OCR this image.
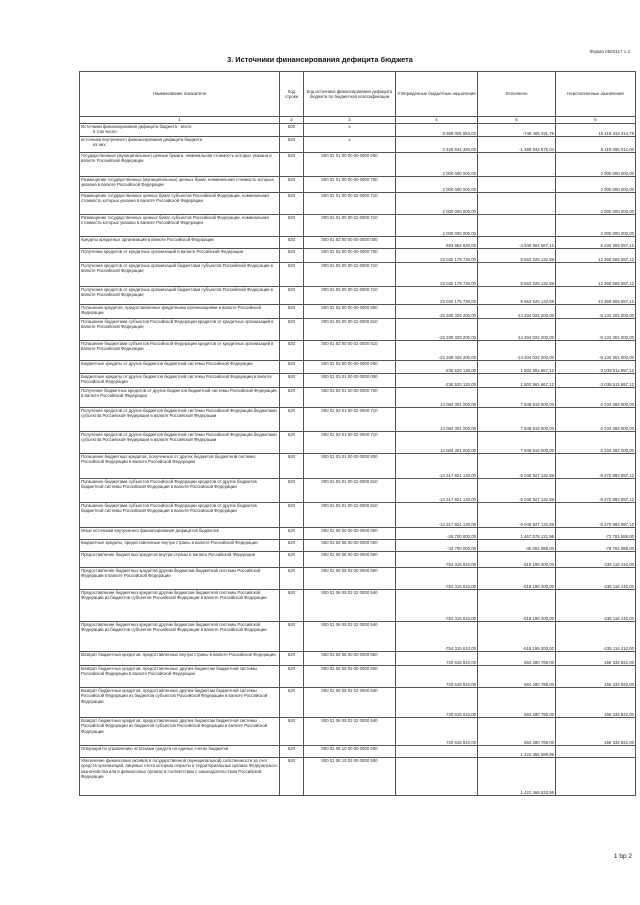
Форма 0503117 с.3
3. Источники финансирования дефицита бюджета
Наименование показателя	Код строки	Код источника финансирования дефицита бюджета по бюджетной классификации	Утвержденные бюджетные назначения	Исполнено	Неисполненные назначения
1	2	3	4	5	6
Источники финансирования дефицита бюджета - всего
в том числе:	500	x	9 369 005 853,02	-749 406 431,76	10 118 412 414,78
источники внутреннего финансирования дефицита бюджета
из них:	520	x	2 429 634 480,00	-1 389 934 075,04	5 119 065 012,00
Государственные (муниципальные) ценные бумаги, номинальная стоимость которых указана в валюте Российской Федерации	520	000 01 01 00 00 00 0000 000	2 000 000 000,00	-	2 000 000 000,00
Размещение государственных (муниципальных) ценных бумаг, номинальная стоимость которых указана в валюте Российской Федерации	520	000 01 01 00 00 00 0000 700	2 000 000 000,00	-	2 000 000 000,00
Размещение государственных ценных бумаг субъектов Российской Федерации, номинальная стоимость которых указана в валюте Российской Федерации	520	000 01 01 00 00 02 0000 710	2 000 000 000,00	-	2 000 000 000,00
Размещение государственных ценных бумаг субъектов Российской Федерации, номинальная стоимость которых указана в валюте Российской Федерации	520	000 01 01 00 00 02 0000 710	2 000 000 000,00	-	2 000 000 000,00
Кредиты кредитных организаций в валюте Российской Федерации	520	000 01 02 00 00 00 0000 000	693 854 530,00	-4 540 804 667,12	5 234 359 097,12
Получение кредитов от кредитных организаций в валюте Российской Федерации	520	000 01 02 00 00 00 0000 700	23 032 179 730,00	9 663 520 132,88	13 368 659 597,12
Получение кредитов от кредитных организаций бюджетами субъектов Российской Федерации в валюте Российской Федерации	520	000 01 02 00 00 02 0000 710	23 032 179 730,00	9 663 520 132,88	13 368 659 597,12
Получение кредитов от кредитных организаций бюджетами субъектов Российской Федерации в валюте Российской Федерации	520	000 01 02 00 00 02 0000 710	23 032 179 730,00	9 663 520 132,88	13 368 659 597,12
Погашение кредитов, предоставленных кредитными организациями в валюте Российской Федерации	520	000 01 02 00 00 00 0000 800	-22 338 325 200,00	-14 204 024 200,00	-8 134 301 000,00
Погашение бюджетами субъектов Российской Федерации кредитов от кредитных организаций в валюте Российской Федерации	520	000 01 02 00 00 02 0000 810	-22 338 325 200,00	-14 204 024 200,00	-8 134 301 000,00
Погашение бюджетами субъектов Российской Федерации кредитов от кредитных организаций в валюте Российской Федерации	520	000 01 02 00 00 02 0000 810	-22 338 325 200,00	-14 204 024 200,00	-8 134 301 000,00
Бюджетные кредиты от других бюджетов бюджетной системы Российской Федерации	520	000 01 03 00 00 00 0000 000	-235 520 130,00	1 802 991 867,12	-2 038 511 997,12
Бюджетные кредиты от других бюджетов бюджетной системы Российской Федерации в валюте Российской Федерации	520	000 01 03 01 00 00 0000 000	-235 520 130,00	1 802 991 867,12	-2 038 511 997,12
Получение бюджетных кредитов от других бюджетов бюджетной системы Российской Федерации в валюте Российской Федерации	520	000 01 03 01 00 00 0000 700	14 084 301 000,00	7 849 919 000,00	6 234 382 000,00
Получение кредитов от других бюджетов бюджетной системы Российской Федерации бюджетами субъектов Российской Федерации в валюте Российской Федерации	520	000 01 03 01 00 02 0000 710	14 084 301 000,00	7 849 919 000,00	6 234 382 000,00
Получение кредитов от других бюджетов бюджетной системы Российской Федерации бюджетами субъектов Российской Федерации в валюте Российской Федерации	520	000 01 03 01 00 02 0000 710	14 084 301 000,00	7 849 919 000,00	6 234 382 000,00
Погашение бюджетных кредитов, полученных от других бюджетов бюджетной системы Российской Федерации в валюте Российской Федерации	520	000 01 03 01 00 00 0000 800	-14 317 821 130,00	-6 046 927 132,88	-8 270 893 997,12
Погашение бюджетами субъектов Российской Федерации кредитов от других бюджетов бюджетной системы Российской Федерации в валюте Российской Федерации	520	000 01 03 01 00 02 0000 810	-14 317 821 130,00	-6 046 927 132,88	-8 270 893 997,12
Погашение бюджетами субъектов Российской Федерации кредитов от других бюджетов бюджетной системы Российской Федерации в валюте Российской Федерации	520	000 01 03 01 00 02 0000 810	-14 317 821 130,00	-6 046 927 132,88	-8 270 893 997,12
Иные источники внутреннего финансирования дефицитов бюджетов	520	000 01 06 00 00 00 0000 000	-28 700 000,00	1 467 578 121,96	-72 781 588,00
Бюджетные кредиты, предоставленные внутри страны в валюте Российской Федерации	520	000 01 06 05 00 00 0000 000	-33 700 000,00	-45 061 588,00	-78 761 588,00
Предоставление бюджетных кредитов внутри страны в валюте Российской Федерации	520	000 01 06 05 00 00 0000 500	-754 315 610,00	-519 199 200,00	-235 116 410,00
Предоставление бюджетных кредитов другим бюджетам бюджетной системы Российской Федерации в валюте Российской Федерации	520	000 01 06 05 02 00 0000 500	-754 315 610,00	-519 199 200,00	-235 116 410,00
Предоставление бюджетных кредитов другим бюджетам бюджетной системы Российской Федерации из бюджетов субъектов Российской Федерации в валюте Российской Федерации	520	000 01 06 05 02 02 0000 540	-754 315 610,00	-519 199 200,00	-235 116 410,00
Предоставление бюджетных кредитов другим бюджетам бюджетной системы Российской Федерации из бюджетов субъектов Российской Федерации в валюте Российской Федерации	520	000 01 06 05 02 02 0000 540	-754 315 610,00	-519 199 200,00	-235 116 410,00
Возврат бюджетных кредитов, предоставленных внутри страны в валюте Российской Федерации	520	000 01 06 05 00 00 0000 600	720 615 610,00	564 280 788,00	156 334 822,00
Возврат бюджетных кредитов, предоставленных другим бюджетам бюджетной системы Российской Федерации в валюте Российской Федерации	520	000 01 06 05 02 00 0000 600	720 615 610,00	564 280 788,00	156 334 822,00
Возврат бюджетных кредитов, предоставленных другим бюджетам бюджетной системы Российской Федерации из бюджетов субъектов Российской Федерации в валюте Российской Федерации	520	000 01 06 05 02 02 0000 640	720 615 610,00	564 280 788,00	156 334 822,00
Возврат бюджетных кредитов, предоставленных другим бюджетам бюджетной системы Российской Федерации из бюджетов субъектов Российской Федерации в валюте Российской Федерации	520	000 01 06 05 02 02 0000 640	720 615 610,00	564 280 788,00	156 334 822,00
Операции по управлению остатками средств на единых счетах бюджетов	520	000 01 06 10 00 00 0000 000	-	1 422 466 599,96	
Увеличение финансовых активов в государственной (муниципальной) собственности за счет средств организаций, лицевые счета которым открыты в территориальных органах Федерального казначейства или в финансовых органах в соответствии с законодательством Российской Федерации	520	000 01 06 10 02 00 0000 500	-	1 422 466 533,96	
1 bp 2
